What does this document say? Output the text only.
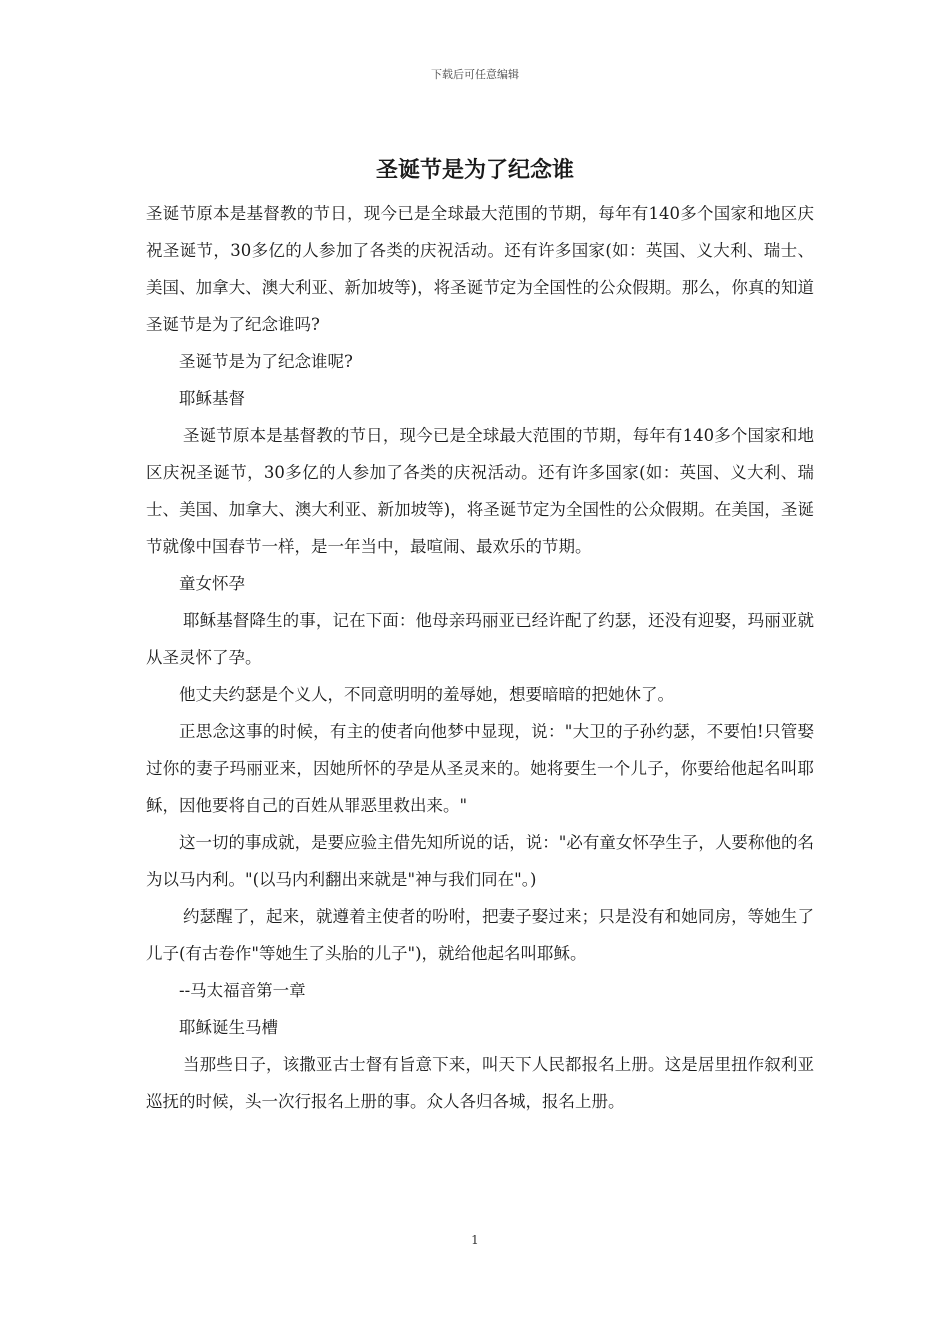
下载后可任意编辑
圣诞节是为了纪念谁

圣诞节原本是基督教的节日，现今已是全球最大范围的节期，每年有140多个国家和地区庆祝圣诞节，30多亿的人参加了各类的庆祝活动。还有许多国家(如：英国、义大利、瑞士、美国、加拿大、澳大利亚、新加坡等)，将圣诞节定为全国性的公众假期。那么，你真的知道圣诞节是为了纪念谁吗?

圣诞节是为了纪念谁呢?

耶稣基督

圣诞节原本是基督教的节日，现今已是全球最大范围的节期，每年有140多个国家和地区庆祝圣诞节，30多亿的人参加了各类的庆祝活动。还有许多国家(如：英国、义大利、瑞士、美国、加拿大、澳大利亚、新加坡等)，将圣诞节定为全国性的公众假期。在美国，圣诞节就像中国春节一样，是一年当中，最喧闹、最欢乐的节期。

童女怀孕

耶稣基督降生的事，记在下面：他母亲玛丽亚已经许配了约瑟，还没有迎娶，玛丽亚就从圣灵怀了孕。

他丈夫约瑟是个义人，不同意明明的羞辱她，想要暗暗的把她休了。

正思念这事的时候，有主的使者向他梦中显现，说："大卫的子孙约瑟，不要怕!只管娶过你的妻子玛丽亚来，因她所怀的孕是从圣灵来的。她将要生一个儿子，你要给他起名叫耶稣，因他要将自己的百姓从罪恶里救出来。"

这一切的事成就，是要应验主借先知所说的话，说："必有童女怀孕生子，人要称他的名为以马内利。"(以马内利翻出来就是"神与我们同在"。)

约瑟醒了，起来，就遵着主使者的吩咐，把妻子娶过来；只是没有和她同房，等她生了儿子(有古卷作"等她生了头胎的儿子")，就给他起名叫耶稣。

--马太福音第一章

耶稣诞生马槽

当那些日子，该撒亚古士督有旨意下来，叫天下人民都报名上册。这是居里扭作叙利亚巡抚的时候，头一次行报名上册的事。众人各归各城，报名上册。

1
